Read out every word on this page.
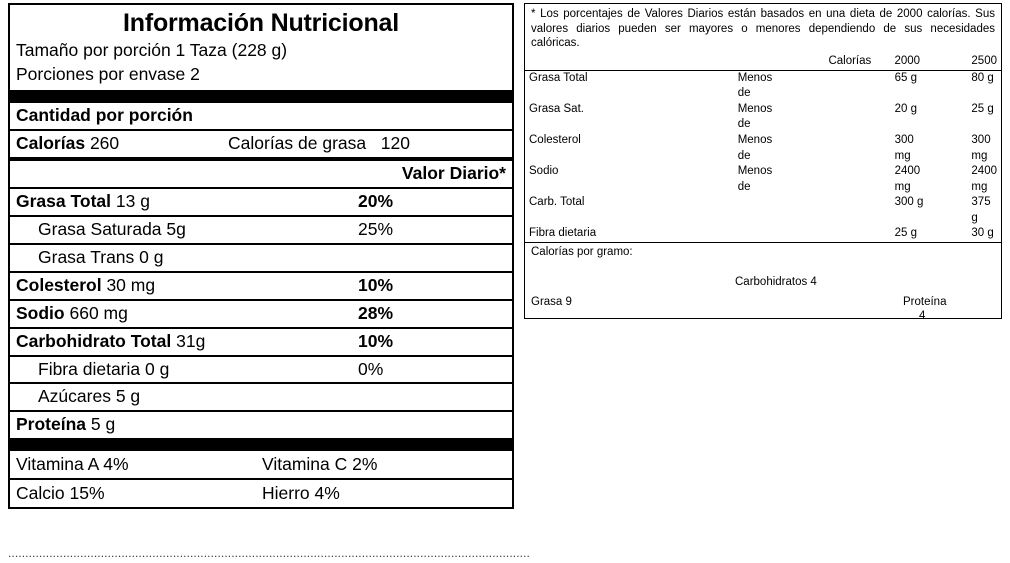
Información Nutricional
Tamaño por porción 1 Taza (228 g)
Porciones por envase 2
Cantidad por porción
Calorías 260	Calorías de grasa 120
Valor Diario*
Grasa Total 13 g	20%
Grasa Saturada 5g	25%
Grasa Trans 0 g
Colesterol 30 mg	10%
Sodio 660 mg	28%
Carbohidrato Total 31g	10%
Fibra dietaria 0 g	0%
Azúcares 5 g
Proteína 5 g
Vitamina A 4%	Vitamina C 2%
Calcio 15%	Hierro 4%
* Los porcentajes de Valores Diarios están basados en una dieta de 2000 calorías. Sus valores diarios pueden ser mayores o menores dependiendo de sus necesidades calóricas.
		Calorías	2000	2500
Grasa Total	Menos		65 g	80 g
	de			
Grasa Sat.	Menos		20 g	25 g
	de			
Colesterol	Menos		300	300
	de		mg	mg
Sodio	Menos		2400	2400
	de		mg	mg
Carb. Total			300 g	375
				g
Fibra dietaria			25 g	30 g
Calorías por gramo:
Carbohidratos 4
Grasa 9	Proteína
4
........................................................................................................................................................
